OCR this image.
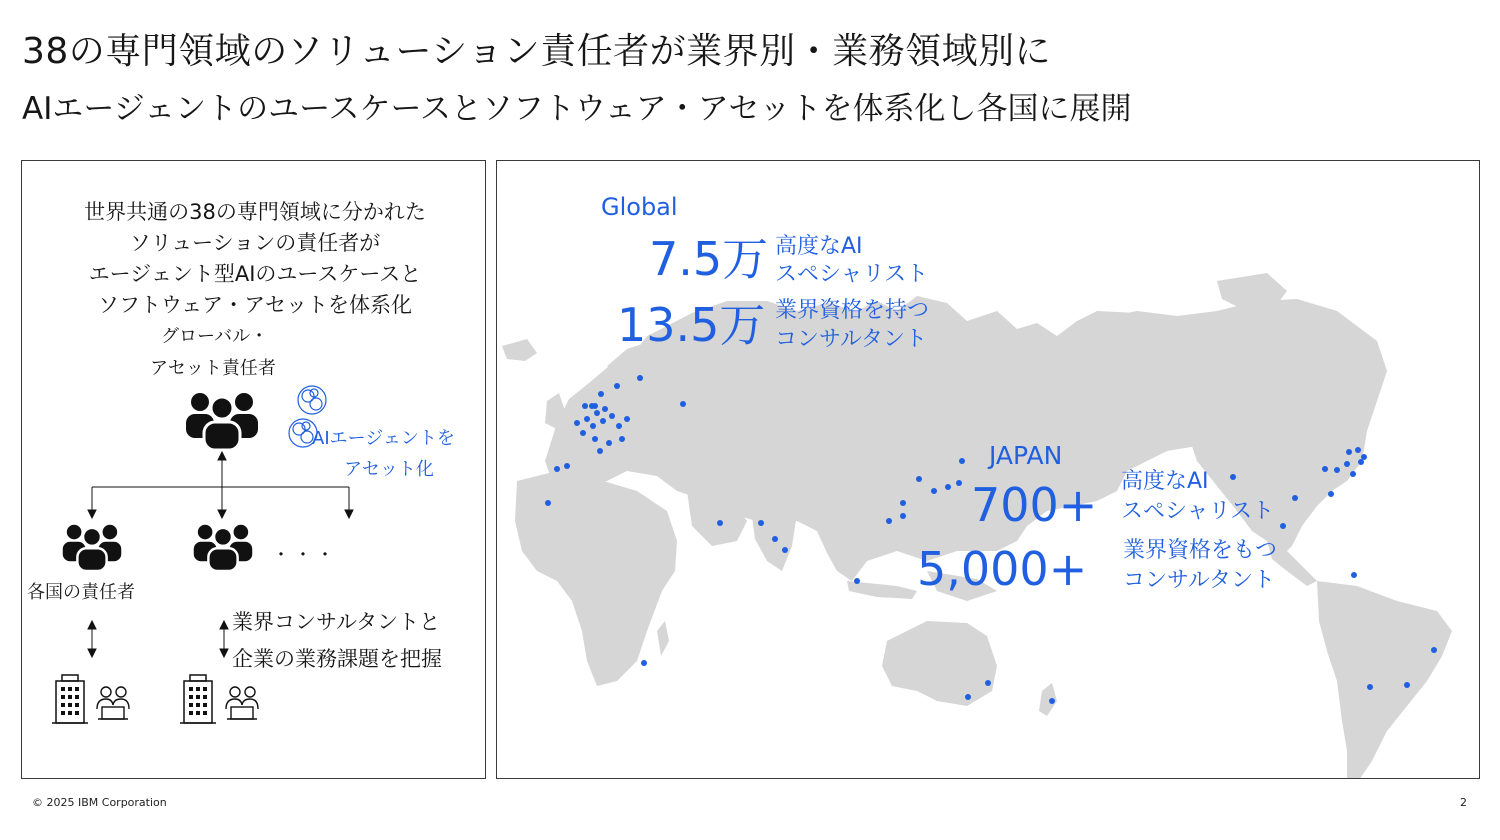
38の専門領域のソリューション責任者が業界別・業務領域別に
AIエージェントのユースケースとソフトウェア・アセットを体系化し各国に展開
世界共通の38の専門領域に分かれた
ソリューションの責任者が
エージェント型AIのユースケースと
ソフトウェア・アセットを体系化
グローバル・
アセット責任者
AIエージェントを
アセット化
・・・
各国の責任者
業界コンサルタントと
企業の業務課題を把握
Global
7.5万 高度なAI
スペシャリスト
13.5万 業界資格を持つ
コンサルタント
JAPAN
700+
5,000+
高度なAI
スペシャリスト
業界資格をもつ
コンサルタント
© 2025 IBM Corporation	2
